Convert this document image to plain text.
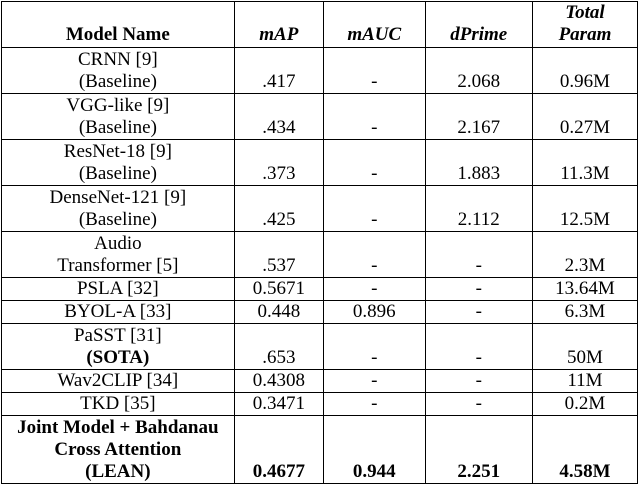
Model Name	mAP	mAUC	dPrime	Total
Param

CRNN [9]
(Baseline)	.417	-	2.068	0.96M

VGG-like [9]
(Baseline)	.434	-	2.167	0.27M

ResNet-18 [9]
(Baseline)	.373	-	1.883	11.3M

DenseNet-121 [9]
(Baseline)	.425	-	2.112	12.5M

Audio
Transformer [5]	.537	-	-	2.3M

PSLA [32]	0.5671	-	-	13.64M

BYOL-A [33]	0.448	0.896	-	6.3M

PaSST [31]
(SOTA)	.653	-	-	50M

Wav2CLIP [34]	0.4308	-	-	11M

TKD [35]	0.3471	-	-	0.2M

Joint Model + Bahdanau
Cross Attention
(LEAN)	0.4677	0.944	2.251	4.58M
